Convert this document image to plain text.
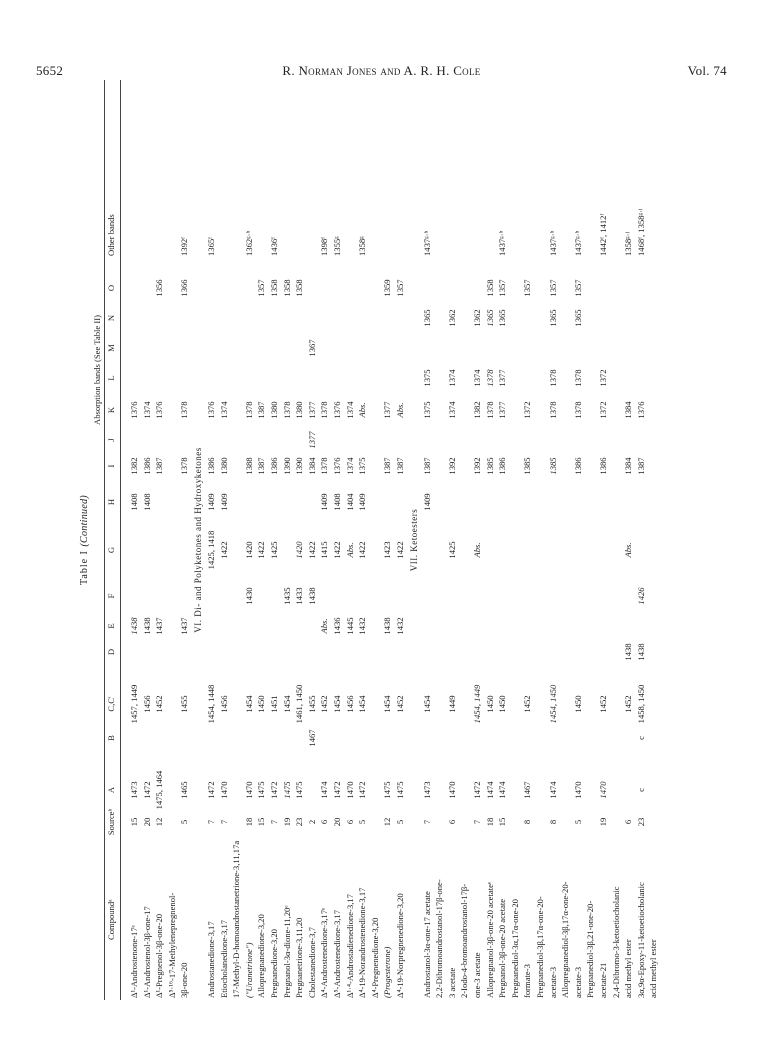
5652	R. Norman Jones and A. R. H. Cole	Vol. 74
Table I (Continued)
Absorption bands (See Table II)
Compoundᵃ
Sourceᵇ
A
B
C,C'
D
E
F
G
H
I
J
K
L
M
N
O
Other bands
Δ¹-Androstenone-17ᵉ
15
1473
1457, 1449
1438
1408
1382
1376
Δ¹-Androstenol-3β-one-17
20
1472
1456
1438
1408
1386
1374
Δ¹-Pregnenol-3β-one-20
12
1475, 1464
1452
1437
1387
1376
1356
Δ⁵·¹⁶-17-Methylenepregnenol- 3β-one-20
5
1465
1455
1437
1378
1378
1366
1392ᶠ
VI. Di- and Polyketones and Hydroxyketones
Androstanedione-3,17
7
1472
1454, 1448
1425, 1418
1409
1386
1376
1365ᶠ
Etiocholanedione-3,17
7
1470
1456
1422
1409
1380
1374
17-Methyl-D-homoandrostanetrione-3,11,17a ("Uranetrione")
18
1470
1454
1430
1420
1388
1378
1362ᵍ·ʰ
Allopregnanedione-3,20
15
1475
1450
1422
1387
1387
1357
Pregnanedione-3,20
7
1472
1451
1425
1386
1380
1358
1436ᶠ
Pregnanol-3α-dione-11,20ᵉ
19
1475
1454
1435
1390
1378
1358
Pregnanetrione-3,11,20
23
1475
1461, 1450
1433
1420
1390
1380
1358
Cholestanedione-3,7
2
1467
1455
1438
1422
1384
1377
1377
1367
Δ⁴-Androstenedione-3,17ᵉ
6
1474
1452
Abs.
1415
1409
1378
1378
1398ᶠ
Δ⁵-Androstenedione-3,17
20
1472
1454
1436
1422
1408
1376
1376
1355ᵍ
Δ¹·⁴-Androstadienedione-3,17
6
1470
1456
1445
Abs.
1404
1374
1374
Δ⁴-19-Norandrostenedione-3,17
5
1472
1454
1432
1422
1409
1375
Abs.
1358ᵍ
Δ⁴-Pregnenedione-3,20 (Progesterone)
12
1475
1454
1438
1423
1387
1377
1359
Δ⁴-19-Norpregnenedione-3,20
5
1475
1452
1432
1422
1387
Abs.
1357
VII. Ketoesters
Androstanol-3α-one-17 acetate
7
1473
1454
1409
1387
1375
1375
1365
1437ᵍ·ʰ
2,2-Dibromoandrostanol-17β-one- 3 acetate
6
1470
1449
1425
1392
1374
1374
1362
2-Iodo-4-bromoandrostanol-17β- one-3 acetate
7
1472
1454, 1449
Abs.
1392
1382
1374
1362
Allopregnanol-3β-one-20 acetateᵉ
18
1474
1450
1385
1378
1378
1365
1358
Pregnanol-3β-one-20 acetate
15
1474
1450
1386
1377
1377
1365
1357
1437ᵍ·ʰ
Pregnanediol-3α,17α-one-20 formate-3
8
1467
1452
1385
1372
1357
Pregnanediol-3β,17α-one-20- acetate-3
8
1474
1454, 1450
1385
1378
1378
1365
1357
1437ᵍ·ʰ
Allopregnanediol-3β,17α-one-20- acetate-3
5
1470
1450
1386
1378
1378
1365
1357
1437ᵍ·ʰ
Pregnanediol-3β,21-one-20- acetate-21
19
1470
1452
1386
1372
1372
1442ᶠ, 1412ᶠ
2,4-Dibromo-3-ketoetiocholanic acid methyl ester
6
1452
1438
Abs.
1384
1384
1358ᵍ·ʲ
3α,9α-Epoxy-11-ketoetiocholanic
23
c
c
1458, 1450
1438
1426
1387
1376
1468ᶠ, 1358ᵍ·ʲ
acid methyl ester
